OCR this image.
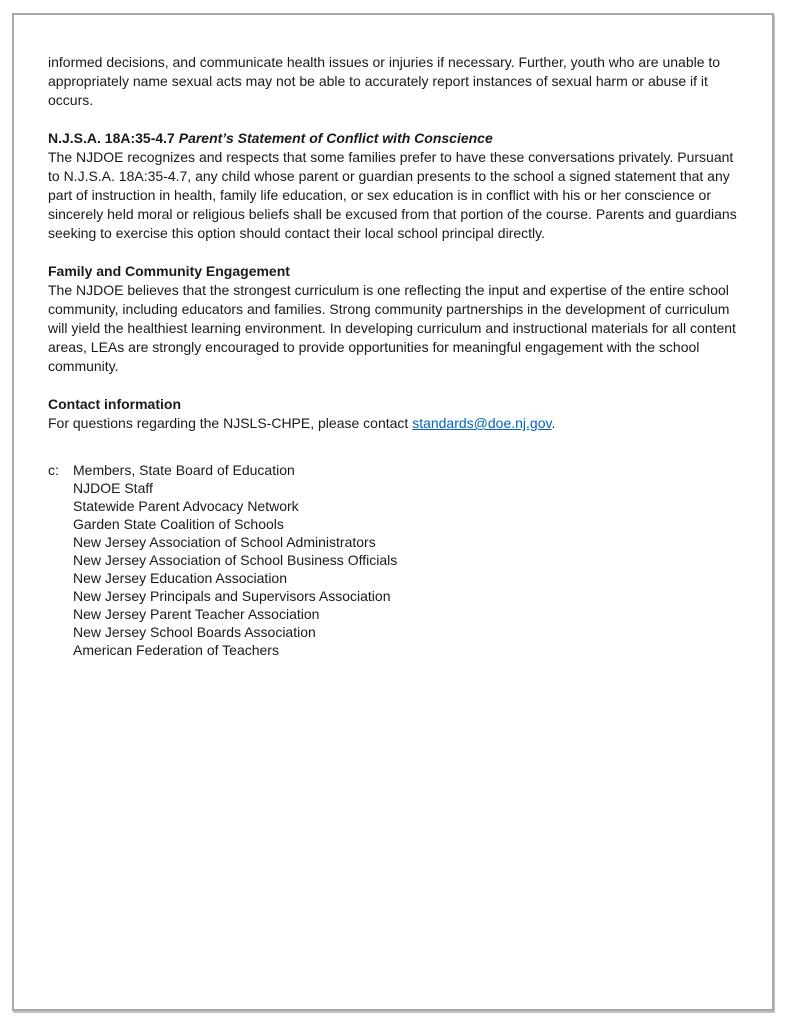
informed decisions, and communicate health issues or injuries if necessary. Further, youth who are unable to appropriately name sexual acts may not be able to accurately report instances of sexual harm or abuse if it occurs.

N.J.S.A. 18A:35-4.7 Parent’s Statement of Conflict with Conscience

The NJDOE recognizes and respects that some families prefer to have these conversations privately. Pursuant to N.J.S.A. 18A:35-4.7, any child whose parent or guardian presents to the school a signed statement that any part of instruction in health, family life education, or sex education is in conflict with his or her conscience or sincerely held moral or religious beliefs shall be excused from that portion of the course. Parents and guardians seeking to exercise this option should contact their local school principal directly.

Family and Community Engagement

The NJDOE believes that the strongest curriculum is one reflecting the input and expertise of the entire school community, including educators and families. Strong community partnerships in the development of curriculum will yield the healthiest learning environment. In developing curriculum and instructional materials for all content areas, LEAs are strongly encouraged to provide opportunities for meaningful engagement with the school community.

Contact information

For questions regarding the NJSLS-CHPE, please contact standards@doe.nj.gov.

c:	Members, State Board of Education
NJDOE Staff
Statewide Parent Advocacy Network
Garden State Coalition of Schools
New Jersey Association of School Administrators
New Jersey Association of School Business Officials
New Jersey Education Association
New Jersey Principals and Supervisors Association
New Jersey Parent Teacher Association
New Jersey School Boards Association
American Federation of Teachers
